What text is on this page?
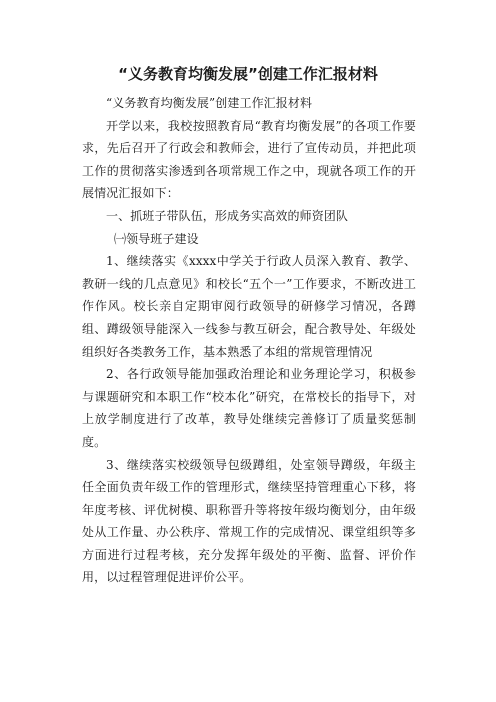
“义务教育均衡发展”创建工作汇报材料

“义务教育均衡发展”创建工作汇报材料

开学以来，我校按照教育局“教育均衡发展”的各项工作要求，先后召开了行政会和教师会，进行了宣传动员，并把此项工作的贯彻落实渗透到各项常规工作之中，现就各项工作的开展情况汇报如下：

一、抓班子带队伍，形成务实高效的师资团队

㈠领导班子建设

1、继续落实《xxxx中学关于行政人员深入教育、教学、教研一线的几点意见》和校长“五个一”工作要求，不断改进工作作风。校长亲自定期审阅行政领导的研修学习情况，各蹲组、蹲级领导能深入一线参与教互研会，配合教导处、年级处组织好各类教务工作，基本熟悉了本组的常规管理情况

2、各行政领导能加强政治理论和业务理论学习，积极参与课题研究和本职工作“校本化”研究，在常校长的指导下，对上放学制度进行了改革，教导处继续完善修订了质量奖惩制度。

3、继续落实校级领导包级蹲组，处室领导蹲级，年级主任全面负责年级工作的管理形式，继续坚持管理重心下移，将年度考核、评优树模、职称晋升等将按年级均衡划分，由年级处从工作量、办公秩序、常规工作的完成情况、课堂组织等多方面进行过程考核，充分发挥年级处的平衡、监督、评价作用，以过程管理促进评价公平。
